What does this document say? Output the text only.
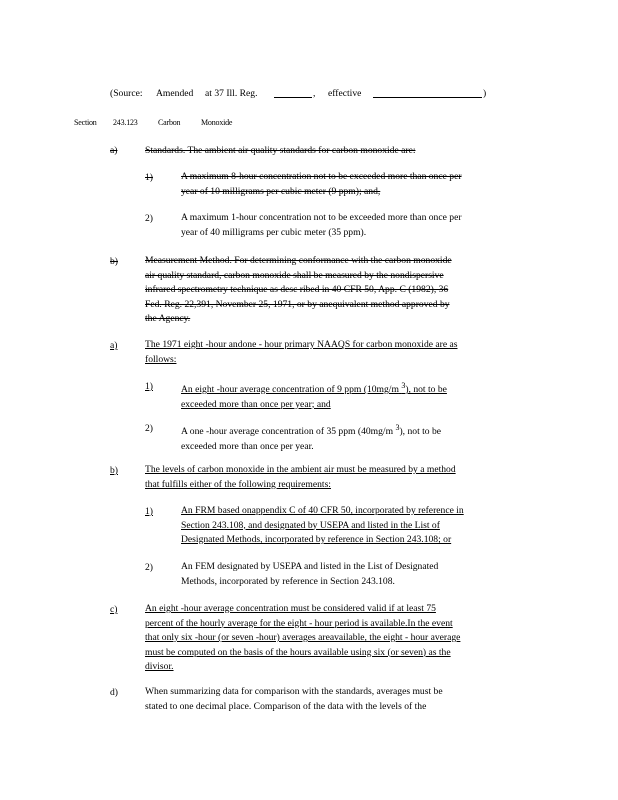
(Source: Amended at 37 Ill. Reg.	, effective	)
Section 243.123	Carbon	Monoxide
a)	Standards. The ambient air quality standards for carbon monoxide are:
1)	A maximum 8-hour concentration not to be exceeded more than once per
year of 10 milligrams per cubic meter (9 ppm); and,
2)	A maximum 1-hour concentration not to be exceeded more than once per
year of 40 milligrams per cubic meter (35 ppm).
b)	Measurement Method. For determining conformance with the carbon monoxide
air quality standard, carbon monoxide shall be measured by the nondispersive
infrared spectrometry technique as desc ribed in 40 CFR 50, App. C (1982), 36
Fed. Reg. 22,391, November 25, 1971, or by anequivalent method approved by
the Agency.
a)	The 1971 eight -hour andone - hour primary NAAQS for carbon monoxide are as
follows:
1)	An eight -hour average concentration of 9 ppm (10mg/m $^3$), not to be
exceeded more than once per year; and
2)	A one -hour average concentration of 35 ppm (40mg/m $^3$), not to be
exceeded more than once per year.
b)	The levels of carbon monoxide in the ambient air must be measured by a method
that fulfills either of the following requirements:
1)	An FRM based onappendix C of 40 CFR 50, incorporated by reference in
Section 243.108, and designated by USEPA and listed in the List of
Designated Methods, incorporated by reference in Section 243.108; or
2)	An FEM designated by USEPA and listed in the List of Designated
Methods, incorporated by reference in Section 243.108.
c)	An eight -hour average concentration must be considered valid if at least 75
percent of the hourly average for the eight - hour period is available.In the event
that only six -hour (or seven -hour) averages areavailable, the eight - hour average
must be computed on the basis of the hours available using six (or seven) as the
divisor.
d)	When summarizing data for comparison with the standards, averages must be
stated to one decimal place. Comparison of the data with the levels of the
